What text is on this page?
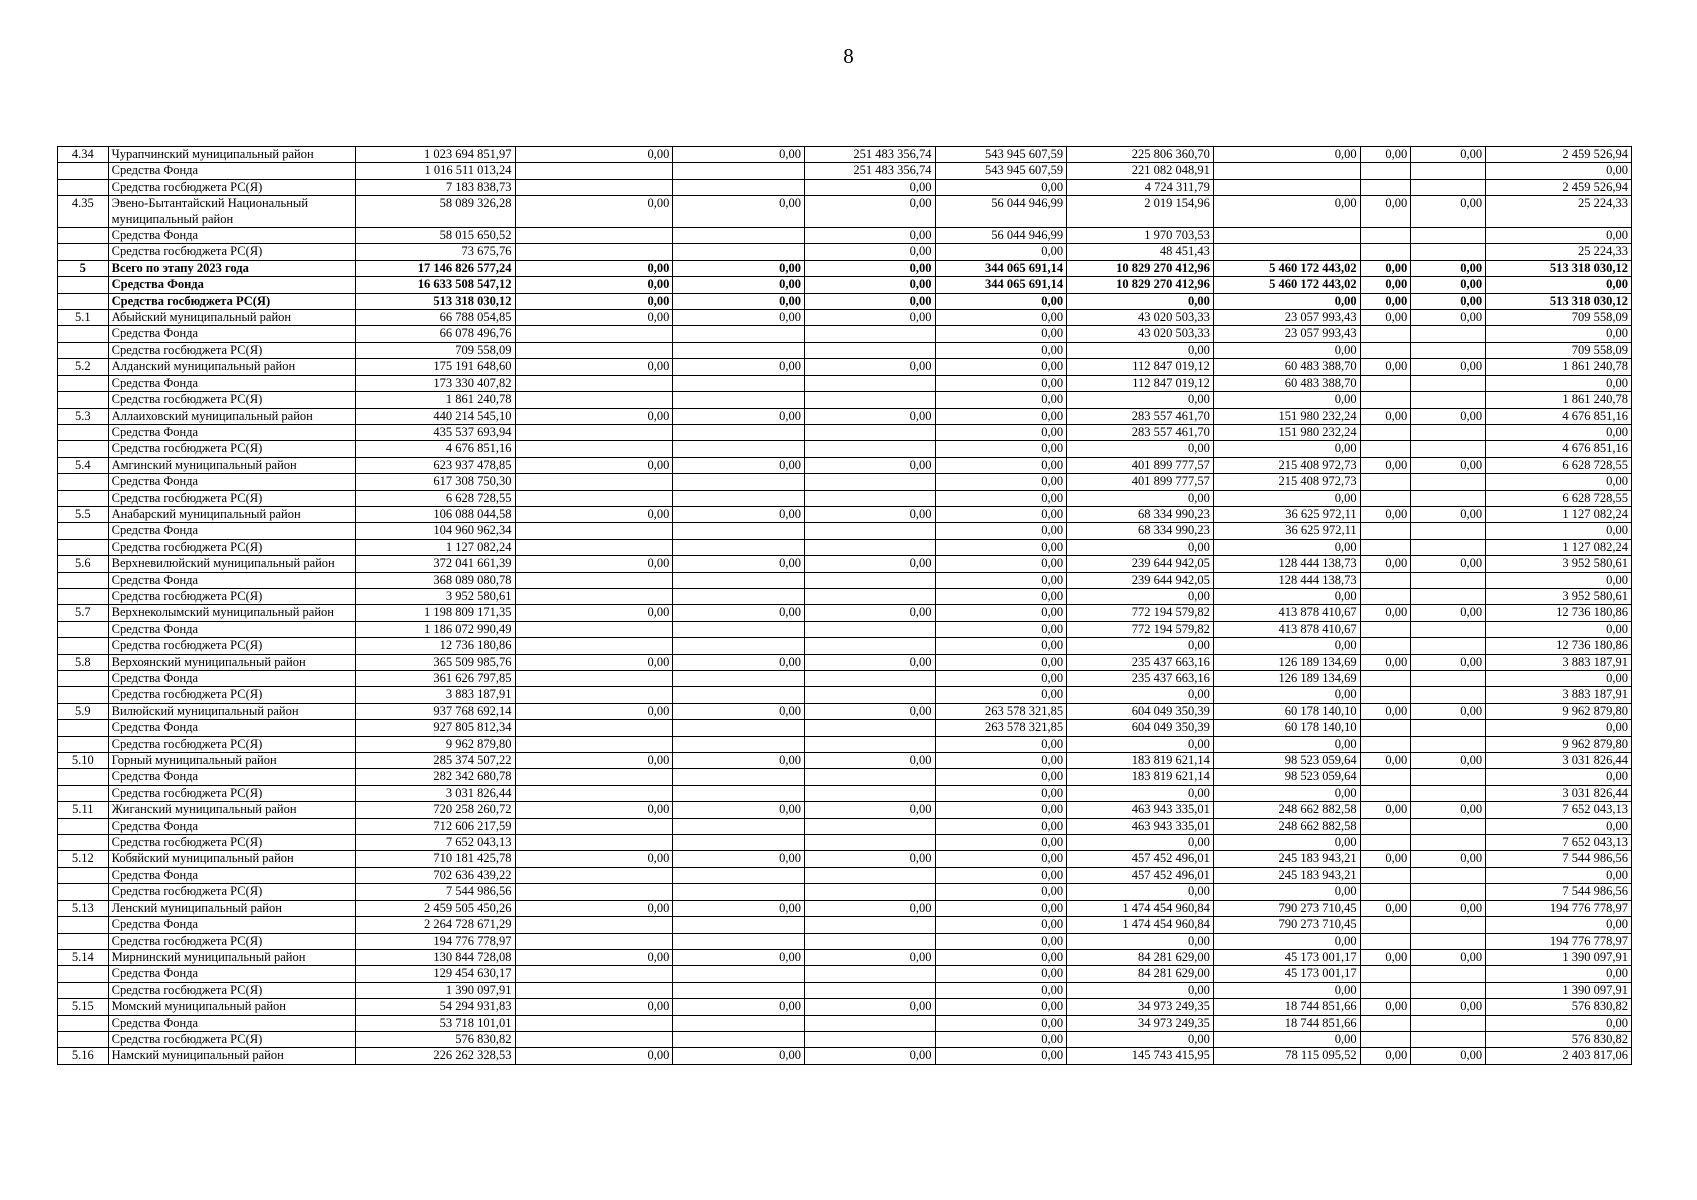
8
4.34	Чурапчинский муниципальный район	1 023 694 851,97	0,00	0,00	251 483 356,74	543 945 607,59	225 806 360,70	0,00	0,00	0,00	2 459 526,94
	Средства Фонда	1 016 511 013,24			251 483 356,74	543 945 607,59	221 082 048,91				0,00
	Средства госбюджета РС(Я)	7 183 838,73			0,00	0,00	4 724 311,79				2 459 526,94
4.35	Эвено-Бытантайский Национальный муниципальный район	58 089 326,28	0,00	0,00	0,00	56 044 946,99	2 019 154,96	0,00	0,00	0,00	25 224,33
	Средства Фонда	58 015 650,52			0,00	56 044 946,99	1 970 703,53				0,00
	Средства госбюджета РС(Я)	73 675,76			0,00	0,00	48 451,43				25 224,33
5	Всего по этапу 2023 года	17 146 826 577,24	0,00	0,00	0,00	344 065 691,14	10 829 270 412,96	5 460 172 443,02	0,00	0,00	513 318 030,12
	Средства Фонда	16 633 508 547,12	0,00	0,00	0,00	344 065 691,14	10 829 270 412,96	5 460 172 443,02	0,00	0,00	0,00
	Средства госбюджета РС(Я)	513 318 030,12	0,00	0,00	0,00	0,00	0,00	0,00	0,00	0,00	513 318 030,12
5.1	Абыйский муниципальный район	66 788 054,85	0,00	0,00	0,00	0,00	43 020 503,33	23 057 993,43	0,00	0,00	709 558,09
	Средства Фонда	66 078 496,76				0,00	43 020 503,33	23 057 993,43			0,00
	Средства госбюджета РС(Я)	709 558,09				0,00	0,00	0,00			709 558,09
5.2	Алданский муниципальный район	175 191 648,60	0,00	0,00	0,00	0,00	112 847 019,12	60 483 388,70	0,00	0,00	1 861 240,78
	Средства Фонда	173 330 407,82				0,00	112 847 019,12	60 483 388,70			0,00
	Средства госбюджета РС(Я)	1 861 240,78				0,00	0,00	0,00			1 861 240,78
5.3	Аллаиховский муниципальный район	440 214 545,10	0,00	0,00	0,00	0,00	283 557 461,70	151 980 232,24	0,00	0,00	4 676 851,16
	Средства Фонда	435 537 693,94				0,00	283 557 461,70	151 980 232,24			0,00
	Средства госбюджета РС(Я)	4 676 851,16				0,00	0,00	0,00			4 676 851,16
5.4	Амгинский муниципальный район	623 937 478,85	0,00	0,00	0,00	0,00	401 899 777,57	215 408 972,73	0,00	0,00	6 628 728,55
	Средства Фонда	617 308 750,30				0,00	401 899 777,57	215 408 972,73			0,00
	Средства госбюджета РС(Я)	6 628 728,55				0,00	0,00	0,00			6 628 728,55
5.5	Анабарский муниципальный район	106 088 044,58	0,00	0,00	0,00	0,00	68 334 990,23	36 625 972,11	0,00	0,00	1 127 082,24
	Средства Фонда	104 960 962,34				0,00	68 334 990,23	36 625 972,11			0,00
	Средства госбюджета РС(Я)	1 127 082,24				0,00	0,00	0,00			1 127 082,24
5.6	Верхневилюйский муниципальный район	372 041 661,39	0,00	0,00	0,00	0,00	239 644 942,05	128 444 138,73	0,00	0,00	3 952 580,61
	Средства Фонда	368 089 080,78				0,00	239 644 942,05	128 444 138,73			0,00
	Средства госбюджета РС(Я)	3 952 580,61				0,00	0,00	0,00			3 952 580,61
5.7	Верхнеколымский муниципальный район	1 198 809 171,35	0,00	0,00	0,00	0,00	772 194 579,82	413 878 410,67	0,00	0,00	12 736 180,86
	Средства Фонда	1 186 072 990,49				0,00	772 194 579,82	413 878 410,67			0,00
	Средства госбюджета РС(Я)	12 736 180,86				0,00	0,00	0,00			12 736 180,86
5.8	Верхоянский муниципальный район	365 509 985,76	0,00	0,00	0,00	0,00	235 437 663,16	126 189 134,69	0,00	0,00	3 883 187,91
	Средства Фонда	361 626 797,85				0,00	235 437 663,16	126 189 134,69			0,00
	Средства госбюджета РС(Я)	3 883 187,91				0,00	0,00	0,00			3 883 187,91
5.9	Вилюйский муниципальный район	937 768 692,14	0,00	0,00	0,00	263 578 321,85	604 049 350,39	60 178 140,10	0,00	0,00	9 962 879,80
	Средства Фонда	927 805 812,34				263 578 321,85	604 049 350,39	60 178 140,10			0,00
	Средства госбюджета РС(Я)	9 962 879,80				0,00	0,00	0,00			9 962 879,80
5.10	Горный муниципальный район	285 374 507,22	0,00	0,00	0,00	0,00	183 819 621,14	98 523 059,64	0,00	0,00	3 031 826,44
	Средства Фонда	282 342 680,78				0,00	183 819 621,14	98 523 059,64			0,00
	Средства госбюджета РС(Я)	3 031 826,44				0,00	0,00	0,00			3 031 826,44
5.11	Жиганский муниципальный район	720 258 260,72	0,00	0,00	0,00	0,00	463 943 335,01	248 662 882,58	0,00	0,00	7 652 043,13
	Средства Фонда	712 606 217,59				0,00	463 943 335,01	248 662 882,58			0,00
	Средства госбюджета РС(Я)	7 652 043,13				0,00	0,00	0,00			7 652 043,13
5.12	Кобяйский муниципальный район	710 181 425,78	0,00	0,00	0,00	0,00	457 452 496,01	245 183 943,21	0,00	0,00	7 544 986,56
	Средства Фонда	702 636 439,22				0,00	457 452 496,01	245 183 943,21			0,00
	Средства госбюджета РС(Я)	7 544 986,56				0,00	0,00	0,00			7 544 986,56
5.13	Ленский муниципальный район	2 459 505 450,26	0,00	0,00	0,00	0,00	1 474 454 960,84	790 273 710,45	0,00	0,00	194 776 778,97
	Средства Фонда	2 264 728 671,29				0,00	1 474 454 960,84	790 273 710,45			0,00
	Средства госбюджета РС(Я)	194 776 778,97				0,00	0,00	0,00			194 776 778,97
5.14	Мирнинский муниципальный район	130 844 728,08	0,00	0,00	0,00	0,00	84 281 629,00	45 173 001,17	0,00	0,00	1 390 097,91
	Средства Фонда	129 454 630,17				0,00	84 281 629,00	45 173 001,17			0,00
	Средства госбюджета РС(Я)	1 390 097,91				0,00	0,00	0,00			1 390 097,91
5.15	Момский муниципальный район	54 294 931,83	0,00	0,00	0,00	0,00	34 973 249,35	18 744 851,66	0,00	0,00	576 830,82
	Средства Фонда	53 718 101,01				0,00	34 973 249,35	18 744 851,66			0,00
	Средства госбюджета РС(Я)	576 830,82				0,00	0,00	0,00			576 830,82
5.16	Намский муниципальный район	226 262 328,53	0,00	0,00	0,00	0,00	145 743 415,95	78 115 095,52	0,00	0,00	2 403 817,06
